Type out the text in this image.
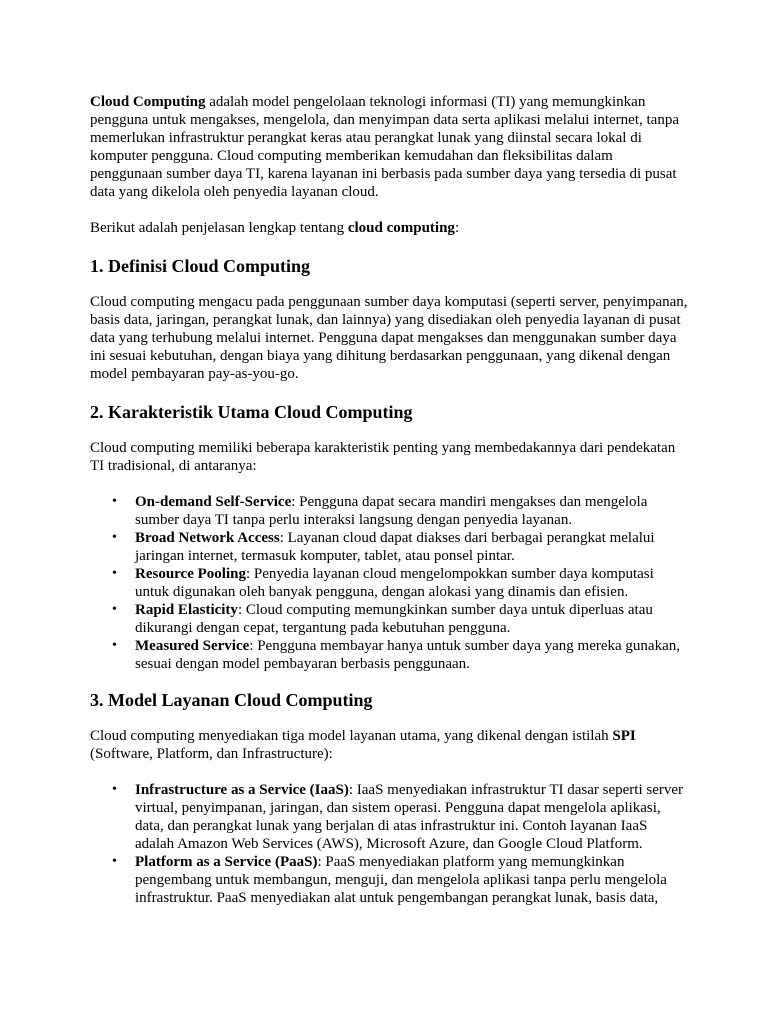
Cloud Computing adalah model pengelolaan teknologi informasi (TI) yang memungkinkan pengguna untuk mengakses, mengelola, dan menyimpan data serta aplikasi melalui internet, tanpa memerlukan infrastruktur perangkat keras atau perangkat lunak yang diinstal secara lokal di komputer pengguna. Cloud computing memberikan kemudahan dan fleksibilitas dalam penggunaan sumber daya TI, karena layanan ini berbasis pada sumber daya yang tersedia di pusat data yang dikelola oleh penyedia layanan cloud.

Berikut adalah penjelasan lengkap tentang cloud computing:

1. Definisi Cloud Computing

Cloud computing mengacu pada penggunaan sumber daya komputasi (seperti server, penyimpanan, basis data, jaringan, perangkat lunak, dan lainnya) yang disediakan oleh penyedia layanan di pusat data yang terhubung melalui internet. Pengguna dapat mengakses dan menggunakan sumber daya ini sesuai kebutuhan, dengan biaya yang dihitung berdasarkan penggunaan, yang dikenal dengan model pembayaran pay-as-you-go.

2. Karakteristik Utama Cloud Computing

Cloud computing memiliki beberapa karakteristik penting yang membedakannya dari pendekatan TI tradisional, di antaranya:

• On-demand Self-Service: Pengguna dapat secara mandiri mengakses dan mengelola sumber daya TI tanpa perlu interaksi langsung dengan penyedia layanan.
• Broad Network Access: Layanan cloud dapat diakses dari berbagai perangkat melalui jaringan internet, termasuk komputer, tablet, atau ponsel pintar.
• Resource Pooling: Penyedia layanan cloud mengelompokkan sumber daya komputasi untuk digunakan oleh banyak pengguna, dengan alokasi yang dinamis dan efisien.
• Rapid Elasticity: Cloud computing memungkinkan sumber daya untuk diperluas atau dikurangi dengan cepat, tergantung pada kebutuhan pengguna.
• Measured Service: Pengguna membayar hanya untuk sumber daya yang mereka gunakan, sesuai dengan model pembayaran berbasis penggunaan.
3. Model Layanan Cloud Computing

Cloud computing menyediakan tiga model layanan utama, yang dikenal dengan istilah SPI (Software, Platform, dan Infrastructure):

• Infrastructure as a Service (IaaS): IaaS menyediakan infrastruktur TI dasar seperti server virtual, penyimpanan, jaringan, dan sistem operasi. Pengguna dapat mengelola aplikasi, data, dan perangkat lunak yang berjalan di atas infrastruktur ini. Contoh layanan IaaS adalah Amazon Web Services (AWS), Microsoft Azure, dan Google Cloud Platform.
• Platform as a Service (PaaS): PaaS menyediakan platform yang memungkinkan pengembang untuk membangun, menguji, dan mengelola aplikasi tanpa perlu mengelola infrastruktur. PaaS menyediakan alat untuk pengembangan perangkat lunak, basis data,
